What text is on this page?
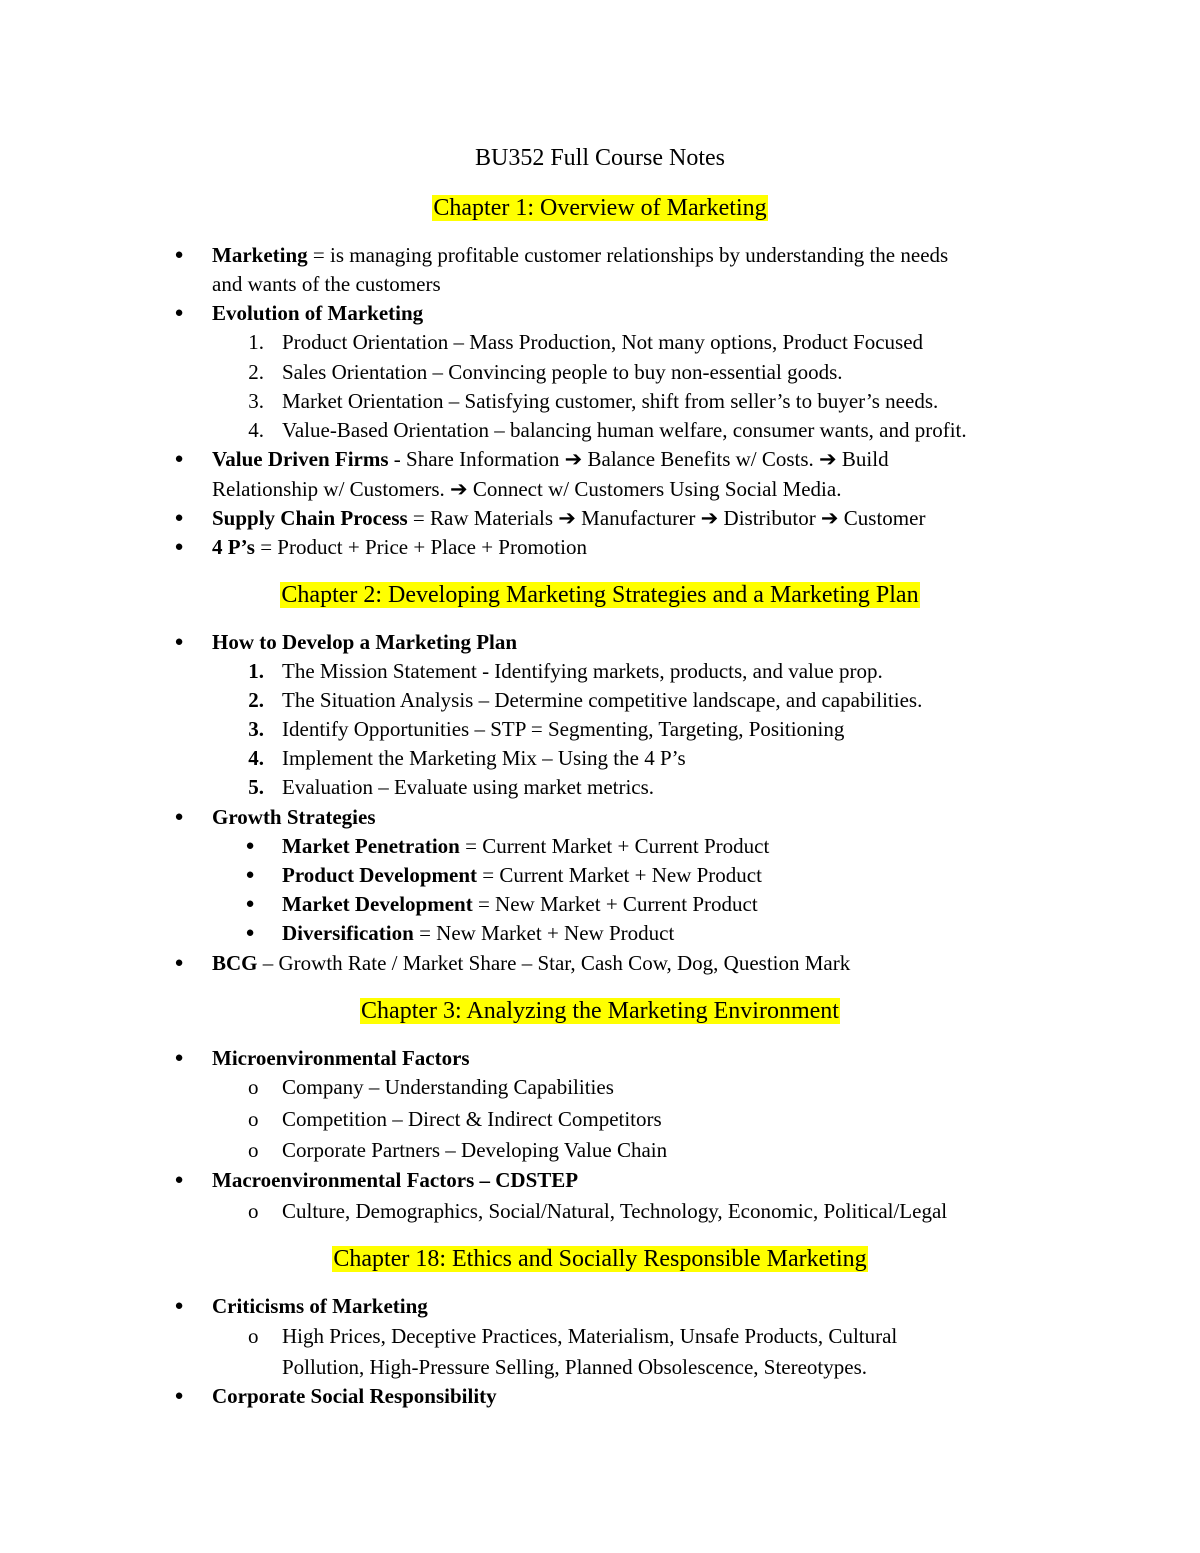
BU352 Full Course Notes
Chapter 1: Overview of Marketing
● Marketing = is managing profitable customer relationships by understanding the needs
and wants of the customers
● Evolution of Marketing
1. Product Orientation – Mass Production, Not many options, Product Focused
2. Sales Orientation – Convincing people to buy non-essential goods.
3. Market Orientation – Satisfying customer, shift from seller’s to buyer’s needs.
4. Value-Based Orientation – balancing human welfare, consumer wants, and profit.
● Value Driven Firms - Share Information ➔ Balance Benefits w/ Costs. ➔ Build
Relationship w/ Customers. ➔ Connect w/ Customers Using Social Media.
● Supply Chain Process = Raw Materials ➔ Manufacturer ➔ Distributor ➔ Customer
● 4 P’s = Product + Price + Place + Promotion
Chapter 2: Developing Marketing Strategies and a Marketing Plan
● How to Develop a Marketing Plan
1. The Mission Statement - Identifying markets, products, and value prop.
2. The Situation Analysis – Determine competitive landscape, and capabilities.
3. Identify Opportunities – STP = Segmenting, Targeting, Positioning
4. Implement the Marketing Mix – Using the 4 P’s
5. Evaluation – Evaluate using market metrics.
● Growth Strategies
● Market Penetration = Current Market + Current Product
● Product Development = Current Market + New Product
● Market Development = New Market + Current Product
● Diversification = New Market + New Product
● BCG – Growth Rate / Market Share – Star, Cash Cow, Dog, Question Mark
Chapter 3: Analyzing the Marketing Environment
● Microenvironmental Factors
o Company – Understanding Capabilities
o Competition – Direct & Indirect Competitors
o Corporate Partners – Developing Value Chain
● Macroenvironmental Factors – CDSTEP
o Culture, Demographics, Social/Natural, Technology, Economic, Political/Legal
Chapter 18: Ethics and Socially Responsible Marketing
● Criticisms of Marketing
o High Prices, Deceptive Practices, Materialism, Unsafe Products, Cultural
Pollution, High-Pressure Selling, Planned Obsolescence, Stereotypes.
● Corporate Social Responsibility
